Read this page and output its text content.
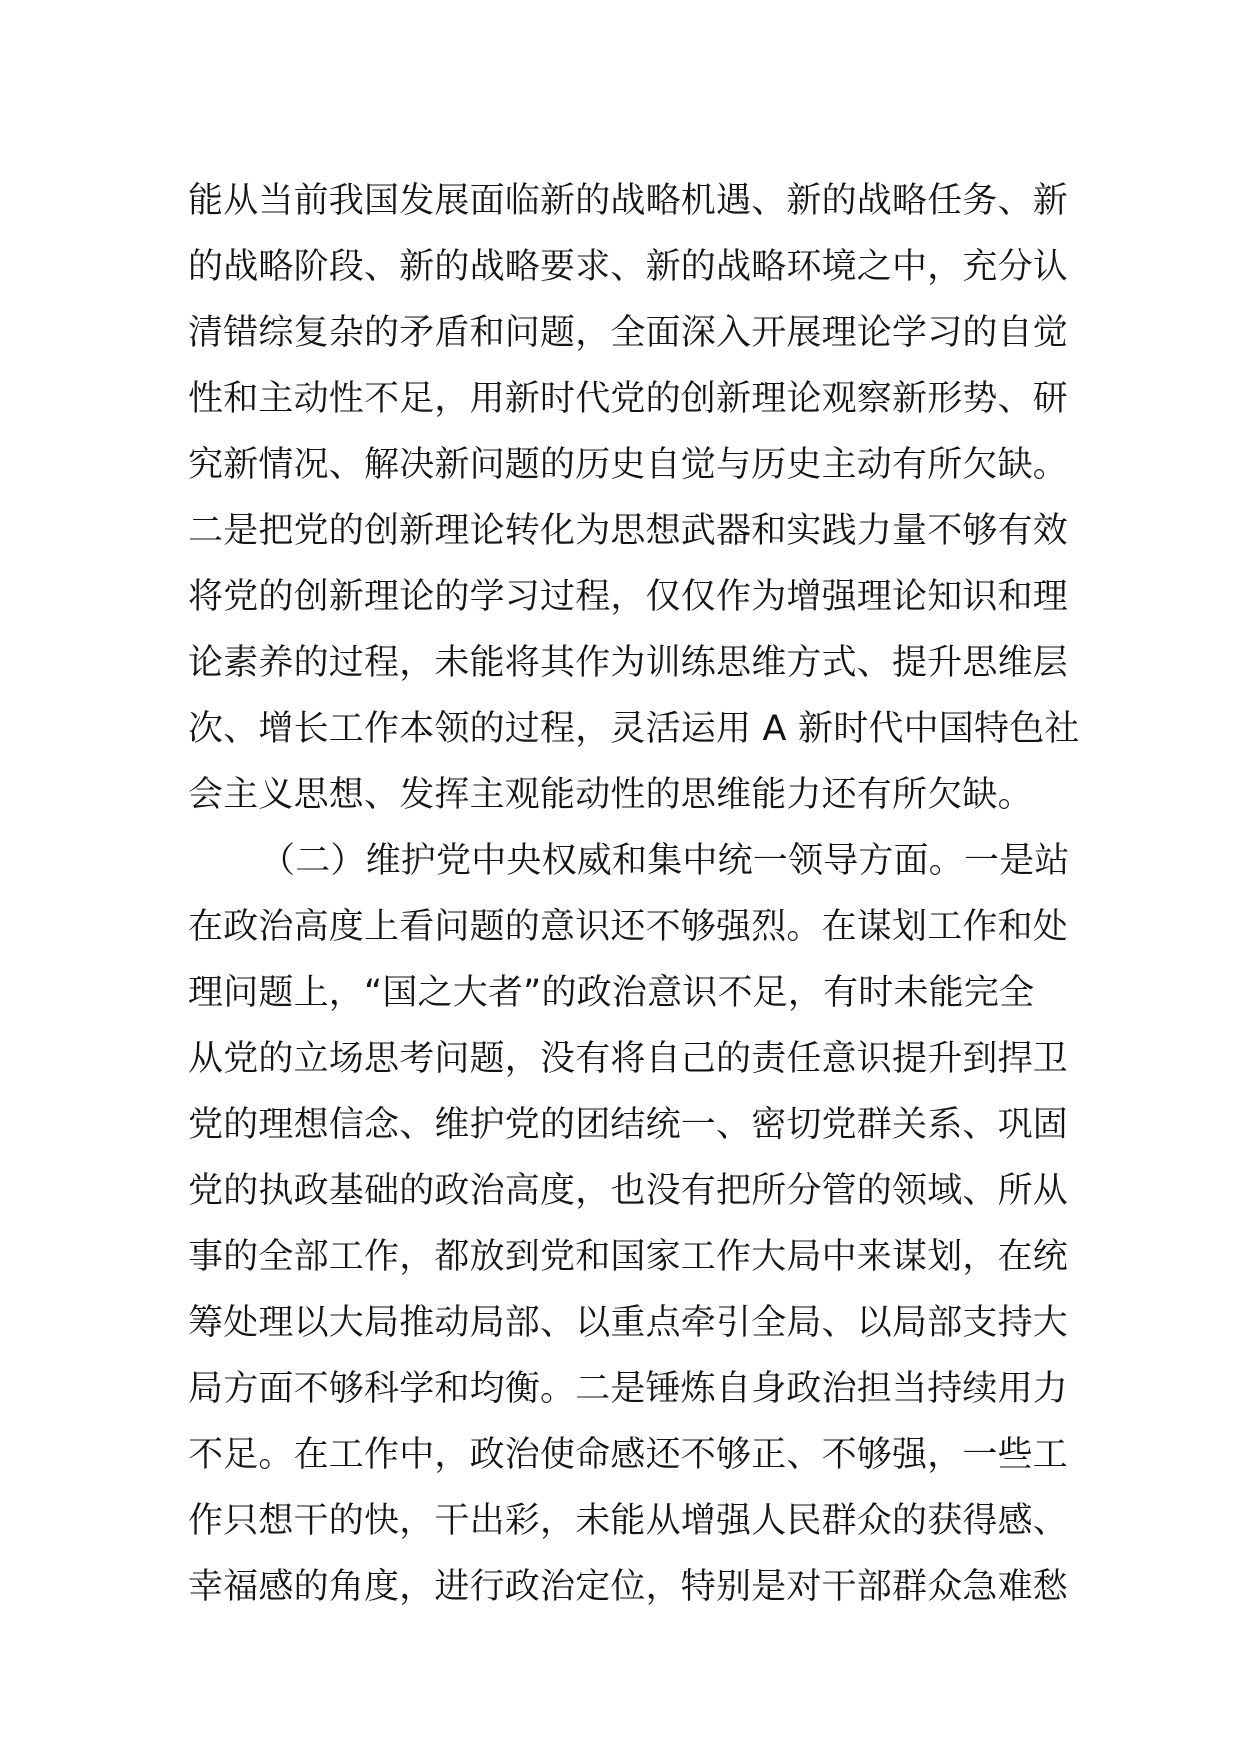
能从当前我国发展面临新的战略机遇、新的战略任务、新
的战略阶段、新的战略要求、新的战略环境之中，充分认
清错综复杂的矛盾和问题，全面深入开展理论学习的自觉
性和主动性不足，用新时代党的创新理论观察新形势、研
究新情况、解决新问题的历史自觉与历史主动有所欠缺。
二是把党的创新理论转化为思想武器和实践力量不够有效
将党的创新理论的学习过程，仅仅作为增强理论知识和理
论素养的过程，未能将其作为训练思维方式、提升思维层
次、增长工作本领的过程，灵活运用 A 新时代中国特色社
会主义思想、发挥主观能动性的思维能力还有所欠缺。
（二）维护党中央权威和集中统一领导方面。一是站
在政治高度上看问题的意识还不够强烈。在谋划工作和处
理问题上，“国之大者”的政治意识不足，有时未能完全
从党的立场思考问题，没有将自己的责任意识提升到捍卫
党的理想信念、维护党的团结统一、密切党群关系、巩固
党的执政基础的政治高度，也没有把所分管的领域、所从
事的全部工作，都放到党和国家工作大局中来谋划，在统
筹处理以大局推动局部、以重点牵引全局、以局部支持大
局方面不够科学和均衡。二是锤炼自身政治担当持续用力
不足。在工作中，政治使命感还不够正、不够强，一些工
作只想干的快，干出彩，未能从增强人民群众的获得感、
幸福感的角度，进行政治定位，特别是对干部群众急难愁
